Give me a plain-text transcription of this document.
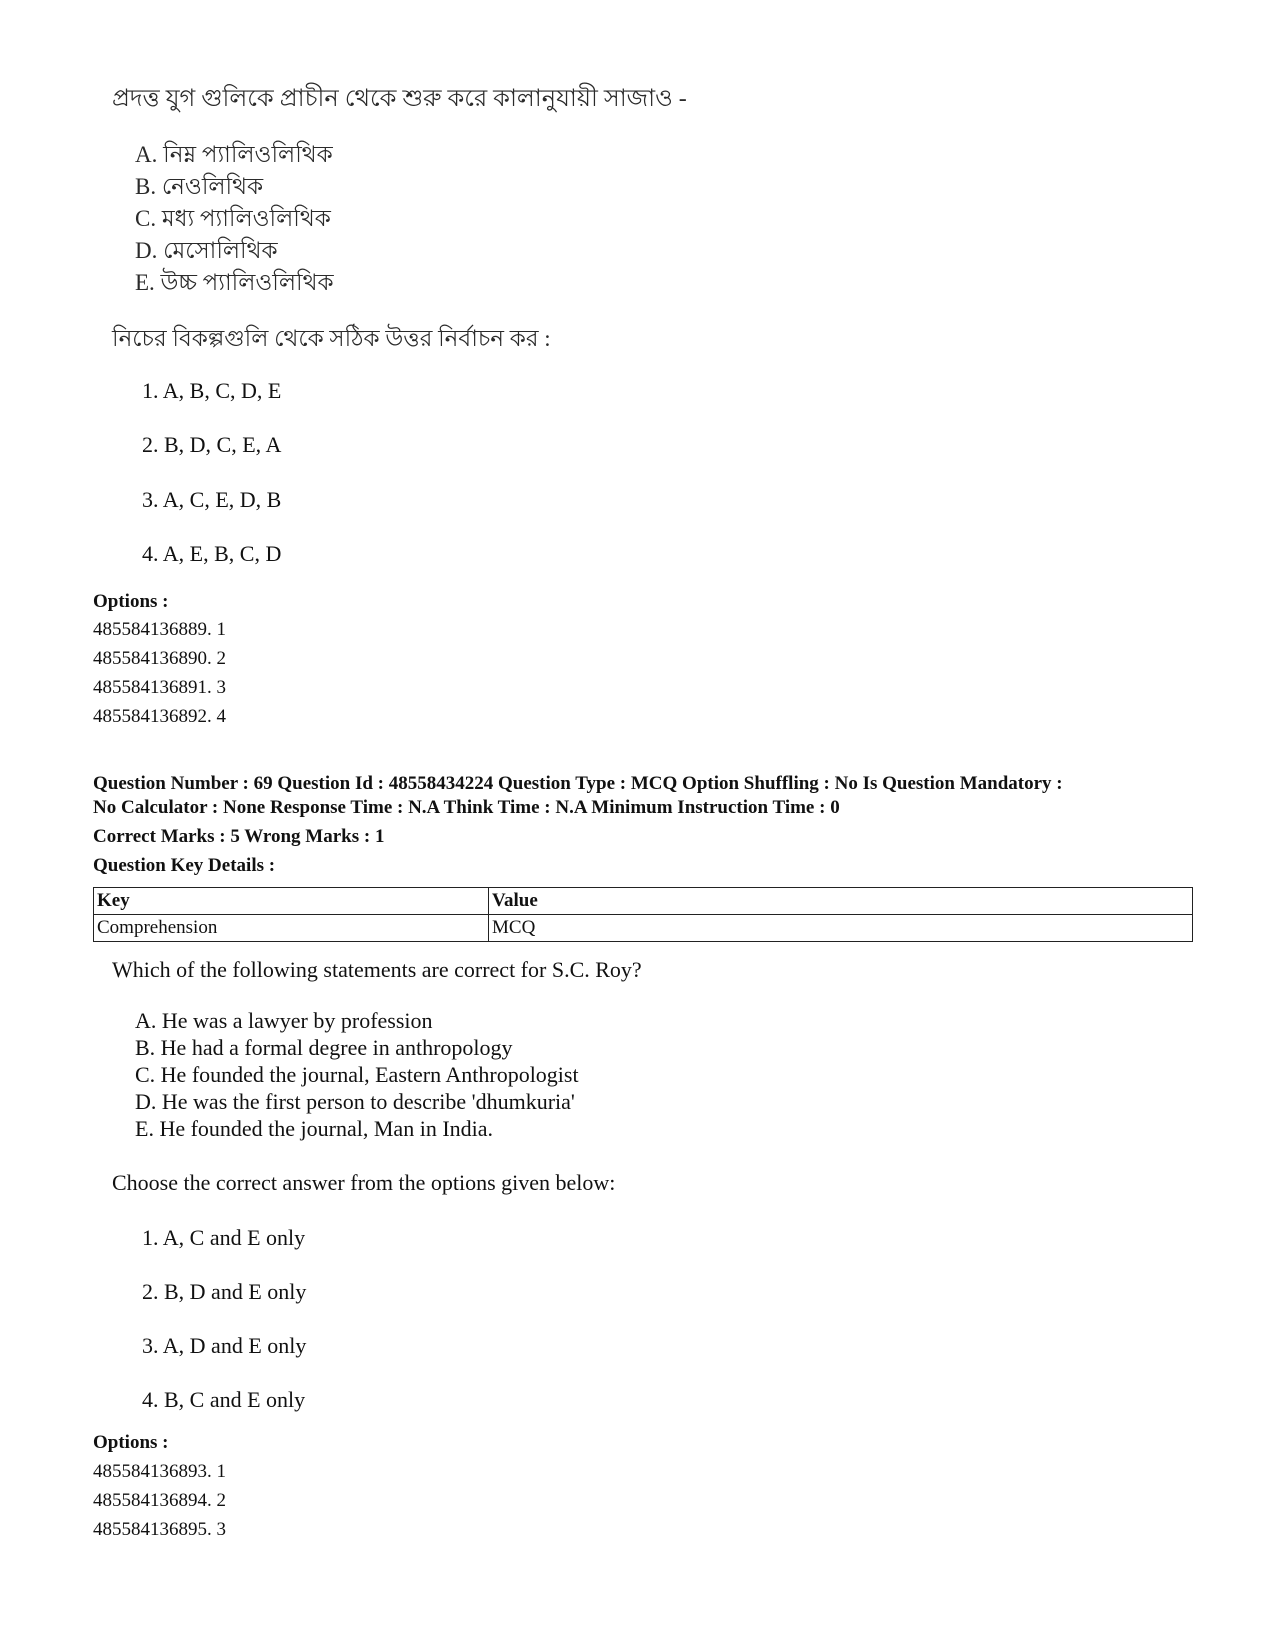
প্রদত্ত যুগ গুলিকে প্রাচীন থেকে শুরু করে কালানুযায়ী সাজাও -
A. নিম্ন প্যালিওলিথিক
B. নেওলিথিক
C. মধ্য প্যালিওলিথিক
D. মেসোলিথিক
E. উচ্চ প্যালিওলিথিক
নিচের বিকল্পগুলি থেকে সঠিক উত্তর নির্বাচন কর :
1. A, B, C, D, E
2. B, D, C, E, A
3. A, C, E, D, B
4. A, E, B, C, D
Options :
485584136889. 1
485584136890. 2
485584136891. 3
485584136892. 4
Question Number : 69 Question Id : 48558434224 Question Type : MCQ Option Shuffling : No Is Question Mandatory :
No Calculator : None Response Time : N.A Think Time : N.A Minimum Instruction Time : 0
Correct Marks : 5 Wrong Marks : 1
Question Key Details :
Key	Value
Comprehension	MCQ
Which of the following statements are correct for S.C. Roy?
A. He was a lawyer by profession
B. He had a formal degree in anthropology
C. He founded the journal, Eastern Anthropologist
D. He was the first person to describe 'dhumkuria'
E. He founded the journal, Man in India.
Choose the correct answer from the options given below:
1. A, C and E only
2. B, D and E only
3. A, D and E only
4. B, C and E only
Options :
485584136893. 1
485584136894. 2
485584136895. 3
